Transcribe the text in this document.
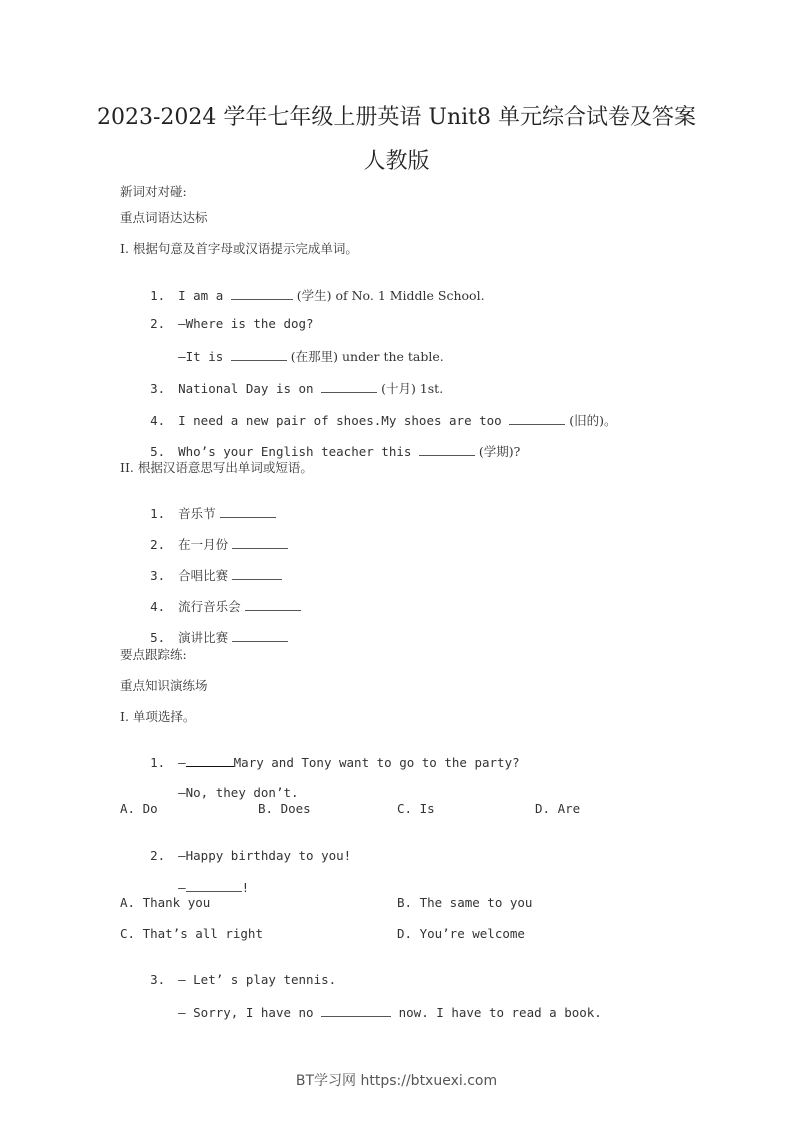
2023-2024 学年七年级上册英语 Unit8 单元综合试卷及答案
人教版
新词对对碰:
重点词语达达标
I. 根据句意及首字母或汉语提示完成单词。

1. I am a	(学生) of No. 1 Middle School.

2. —Where is the dog?

—It is	(在那里) under the table.

3. National Day is on	(十月) 1st.

4. I need a new pair of shoes.My shoes are too	(旧的)。

5. Who’s your English teacher this	(学期)?

II. 根据汉语意思写出单词或短语。

1. 音乐节

2. 在一月份

3. 合唱比赛

4. 流行音乐会

5. 演讲比赛

要点跟踪练:
重点知识演练场
I. 单项选择。

1. —	Mary and Tony want to go to the party?

—No, they don’t.

A. Do	B. Does	C. Is	D. Are

2. —Happy birthday to you!

—	!

A. Thank you	B. The same to you
C. That’s all right	D. You’re welcome

3. — Let’ s play tennis.

— Sorry, I have no	now. I have to read a book.

BT学习网 https://btxuexi.com
